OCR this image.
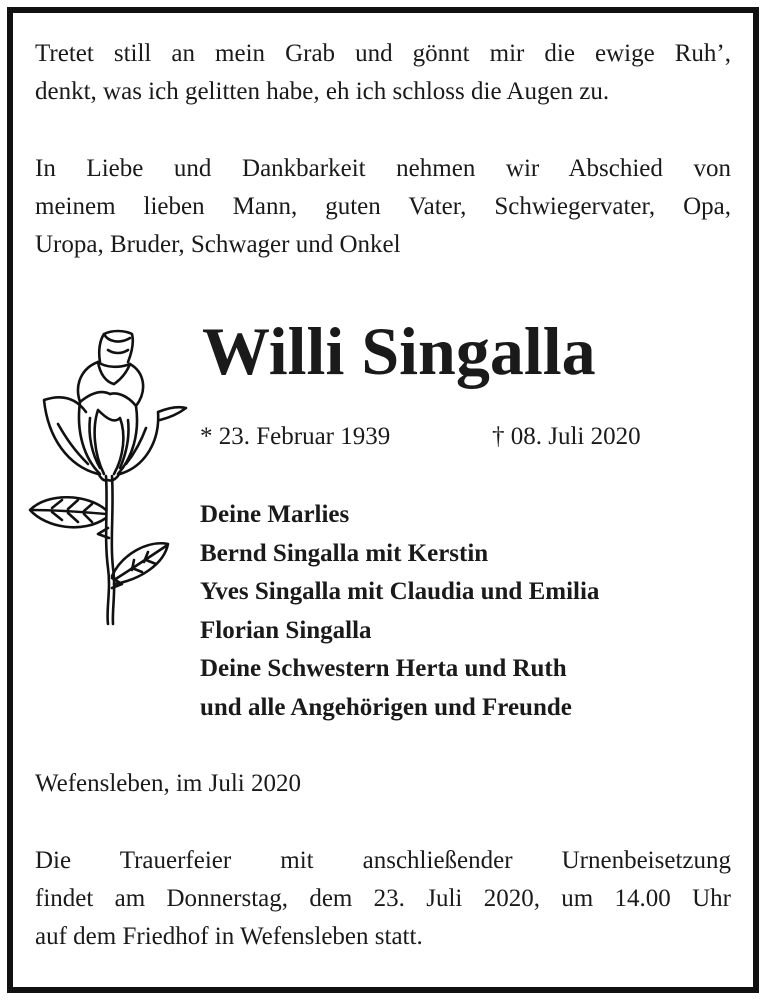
Tretet still an mein Grab und gönnt mir die ewige Ruh’,
denkt, was ich gelitten habe, eh ich schloss die Augen zu.

In Liebe und Dankbarkeit nehmen wir Abschied von
meinem lieben Mann, guten Vater, Schwiegervater, Opa,
Uropa, Bruder, Schwager und Onkel

Willi Singalla

* 23. Februar 1939	† 08. Juli 2020

Deine Marlies
Bernd Singalla mit Kerstin
Yves Singalla mit Claudia und Emilia
Florian Singalla
Deine Schwestern Herta und Ruth
und alle Angehörigen und Freunde

Wefensleben, im Juli 2020

Die Trauerfeier mit anschließender Urnenbeisetzung
findet am Donnerstag, dem 23. Juli 2020, um 14.00 Uhr
auf dem Friedhof in Wefensleben statt.
